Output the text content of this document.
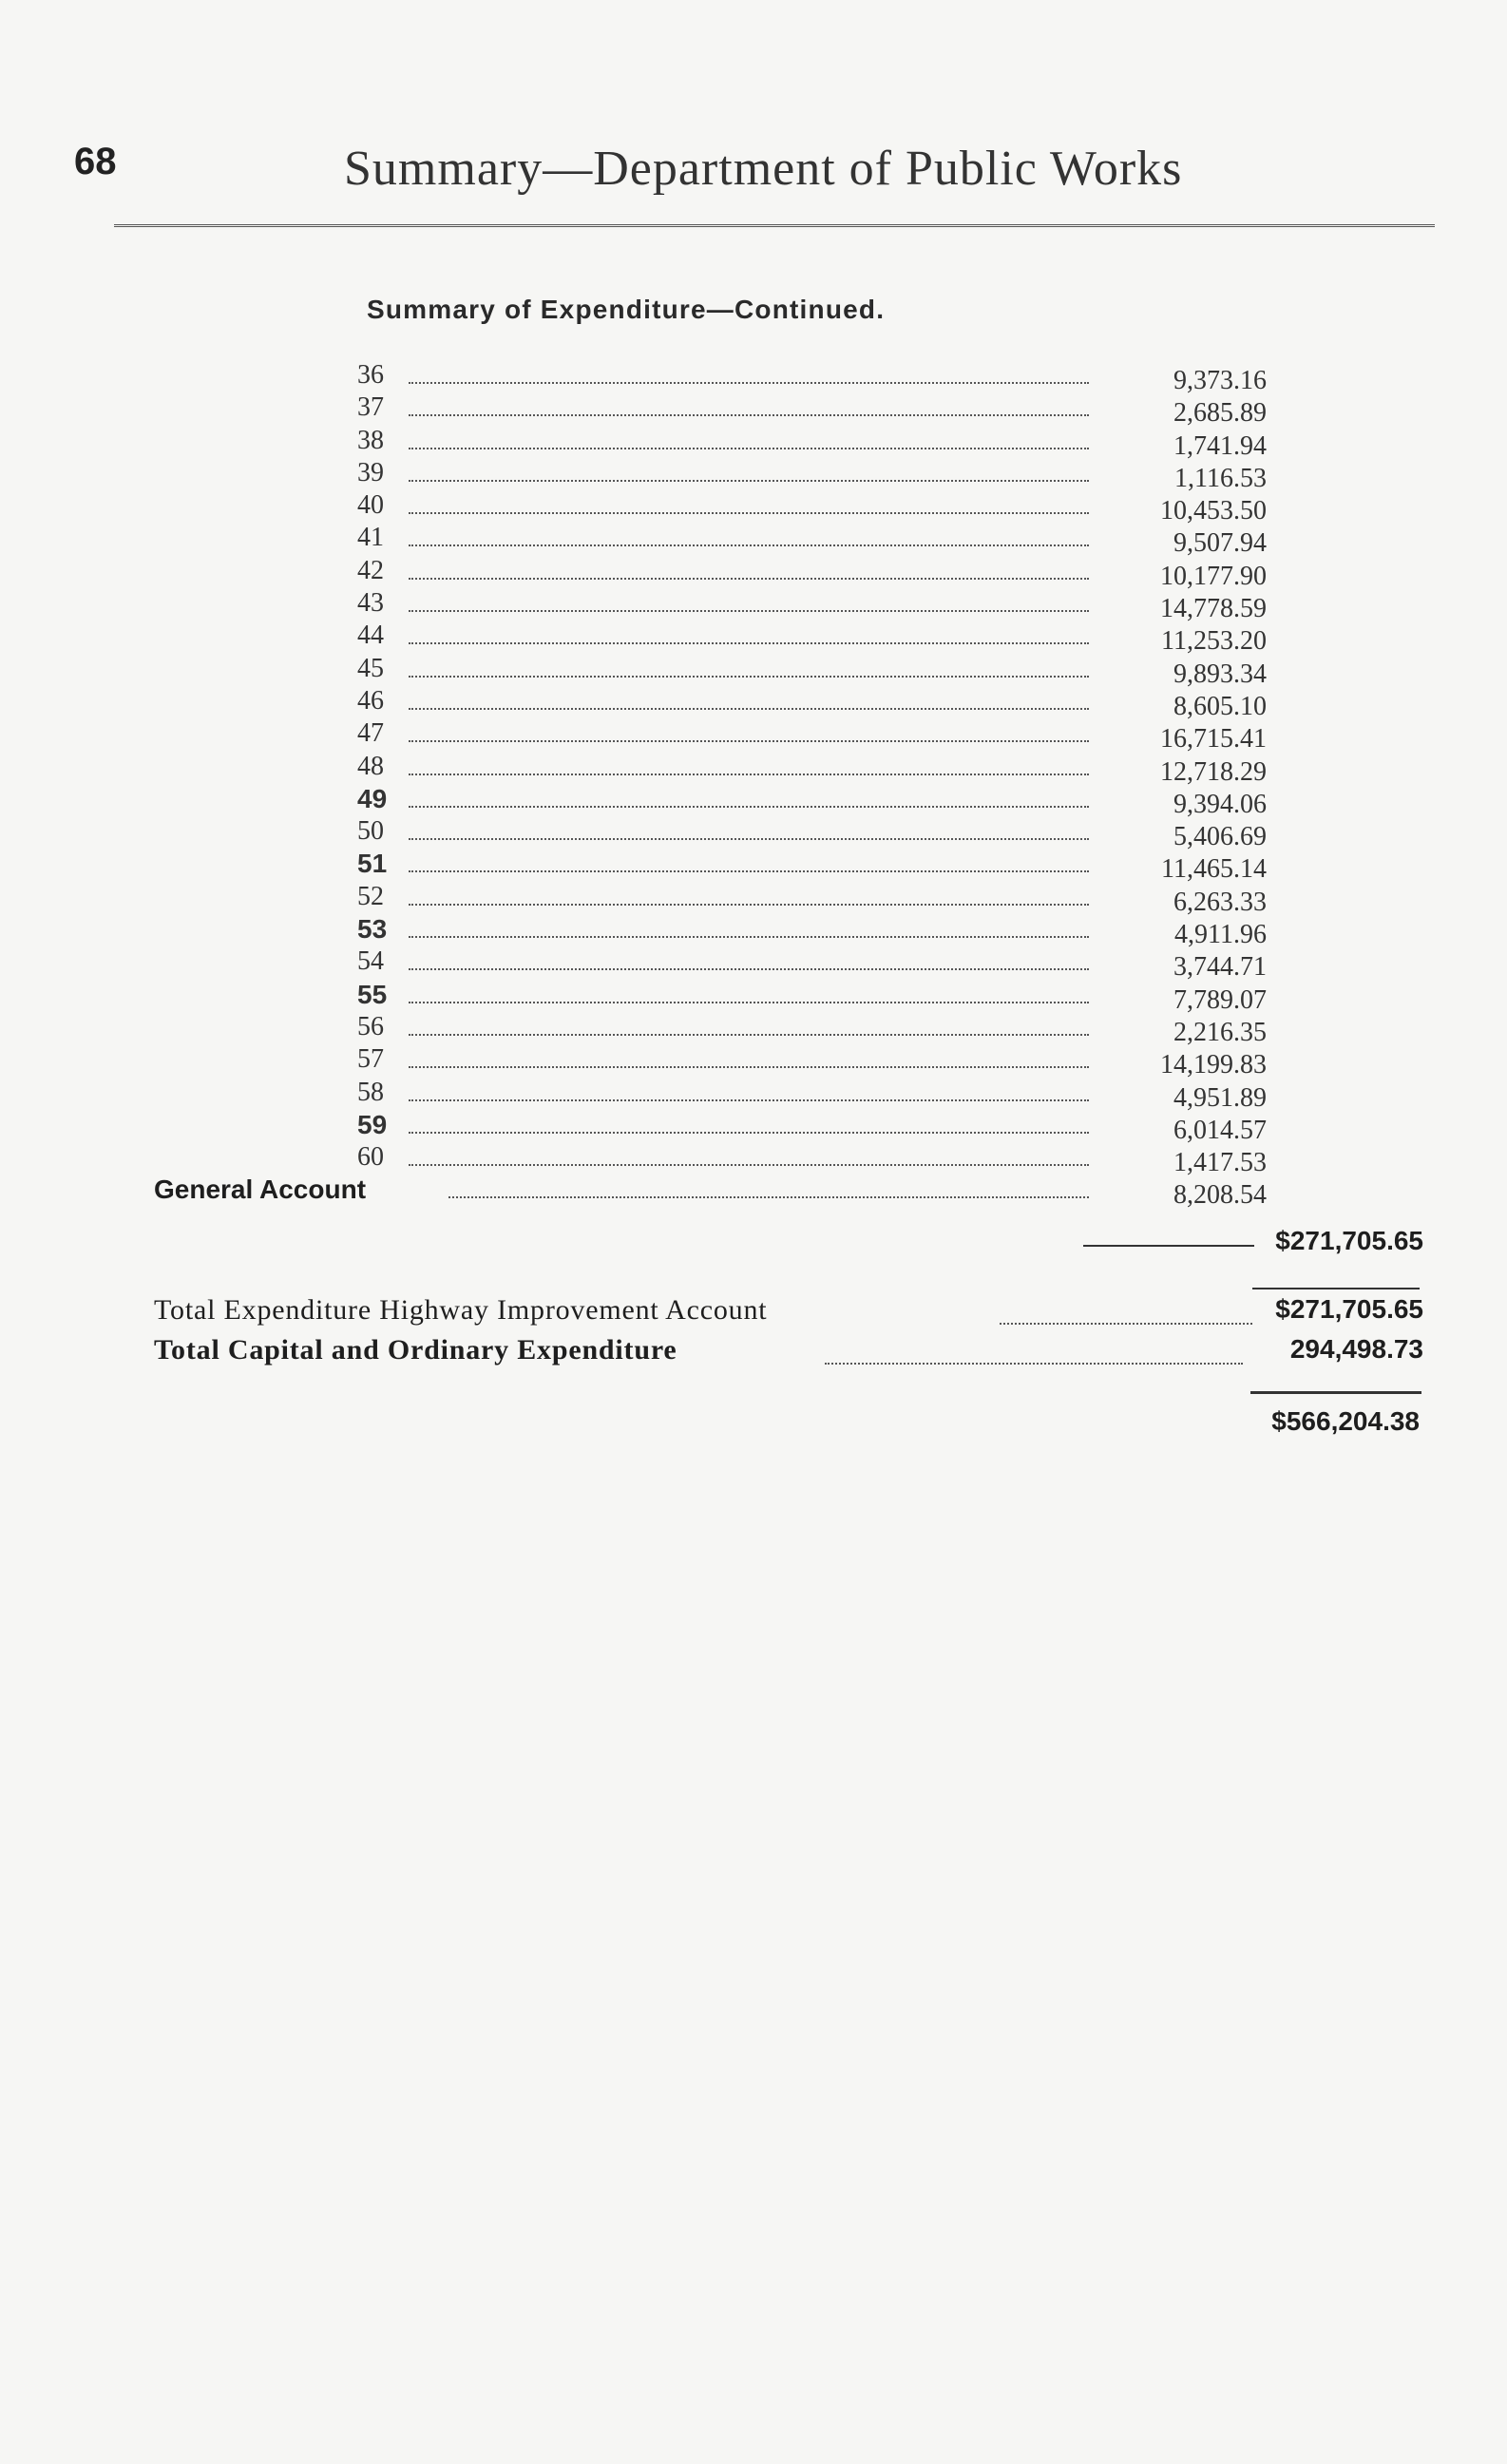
68	Summary—Department of Public Works
Summary of Expenditure—Continued.
36	9,373.16
37	2,685.89
38	1,741.94
39	1,116.53
40	10,453.50
41	9,507.94
42	10,177.90
43	14,778.59
44	11,253.20
45	9,893.34
46	8,605.10
47	16,715.41
48	12,718.29
49	9,394.06
50	5,406.69
51	11,465.14
52	6,263.33
53	4,911.96
54	3,744.71
55	7,789.07
56	2,216.35
57	14,199.83
58	4,951.89
59	6,014.57
60	1,417.53
General Account	8,208.54
$271,705.65
Total Expenditure Highway Improvement Account	$271,705.65
Total Capital and Ordinary Expenditure	294,498.73
$566,204.38
